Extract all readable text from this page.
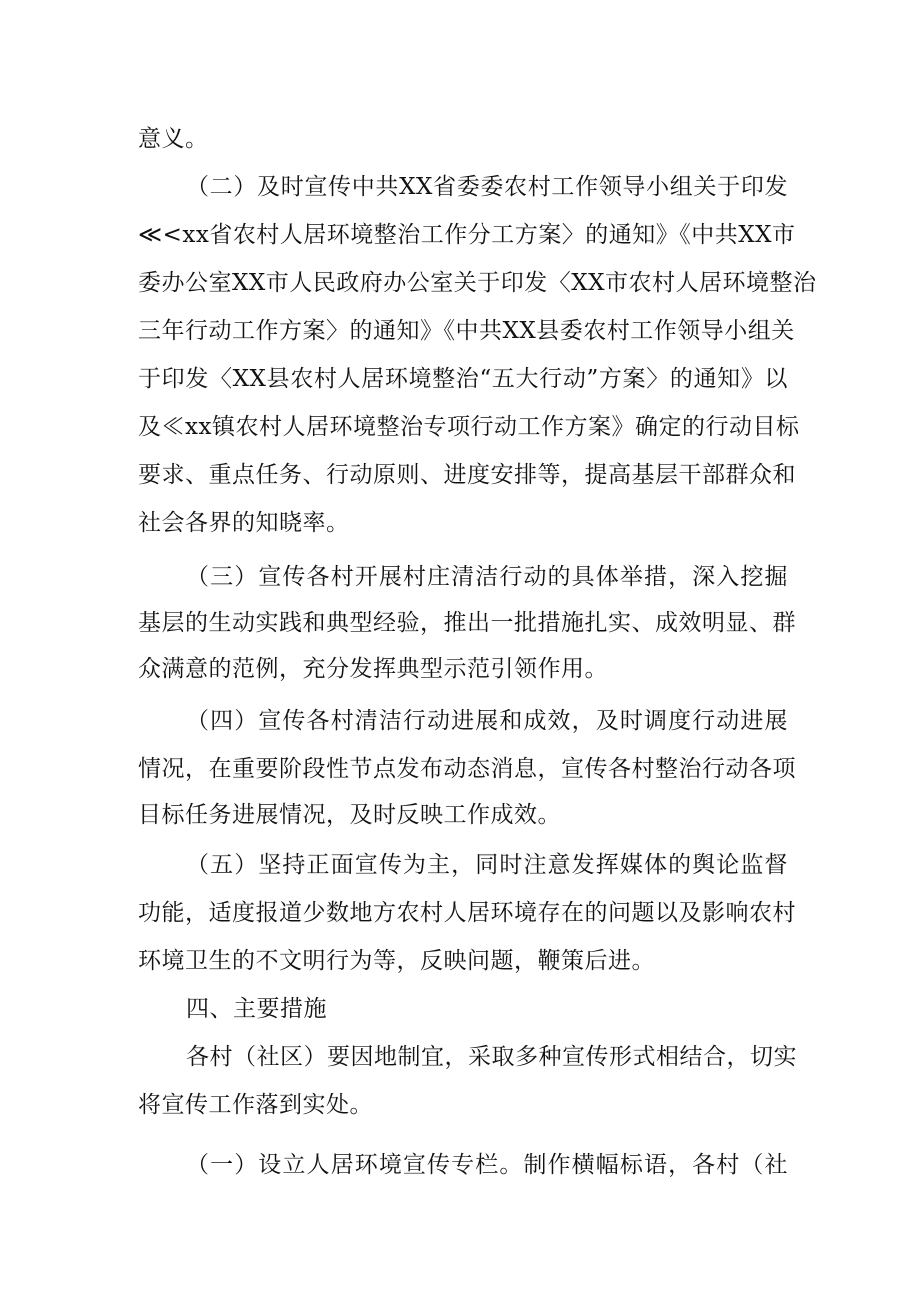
意义。
（二）及时宣传中共XX省委委农村工作领导小组关于印发
≪<xx省农村人居环境整治工作分工方案〉的通知》《中共XX市
委办公室XX市人民政府办公室关于印发〈XX市农村人居环境整治
三年行动工作方案〉的通知》《中共XX县委农村工作领导小组关
于印发〈XX县农村人居环境整治“五大行动”方案〉的通知》以
及≪xx镇农村人居环境整治专项行动工作方案》确定的行动目标
要求、重点任务、行动原则、进度安排等，提高基层干部群众和
社会各界的知晓率。
（三）宣传各村开展村庄清洁行动的具体举措，深入挖掘
基层的生动实践和典型经验，推出一批措施扎实、成效明显、群
众满意的范例，充分发挥典型示范引领作用。
（四）宣传各村清洁行动进展和成效，及时调度行动进展
情况，在重要阶段性节点发布动态消息，宣传各村整治行动各项
目标任务进展情况，及时反映工作成效。
（五）坚持正面宣传为主，同时注意发挥媒体的舆论监督
功能，适度报道少数地方农村人居环境存在的问题以及影响农村
环境卫生的不文明行为等，反映问题，鞭策后进。
四、主要措施
各村（社区）要因地制宜，采取多种宣传形式相结合，切实
将宣传工作落到实处。
（一）设立人居环境宣传专栏。制作横幅标语，各村（社
